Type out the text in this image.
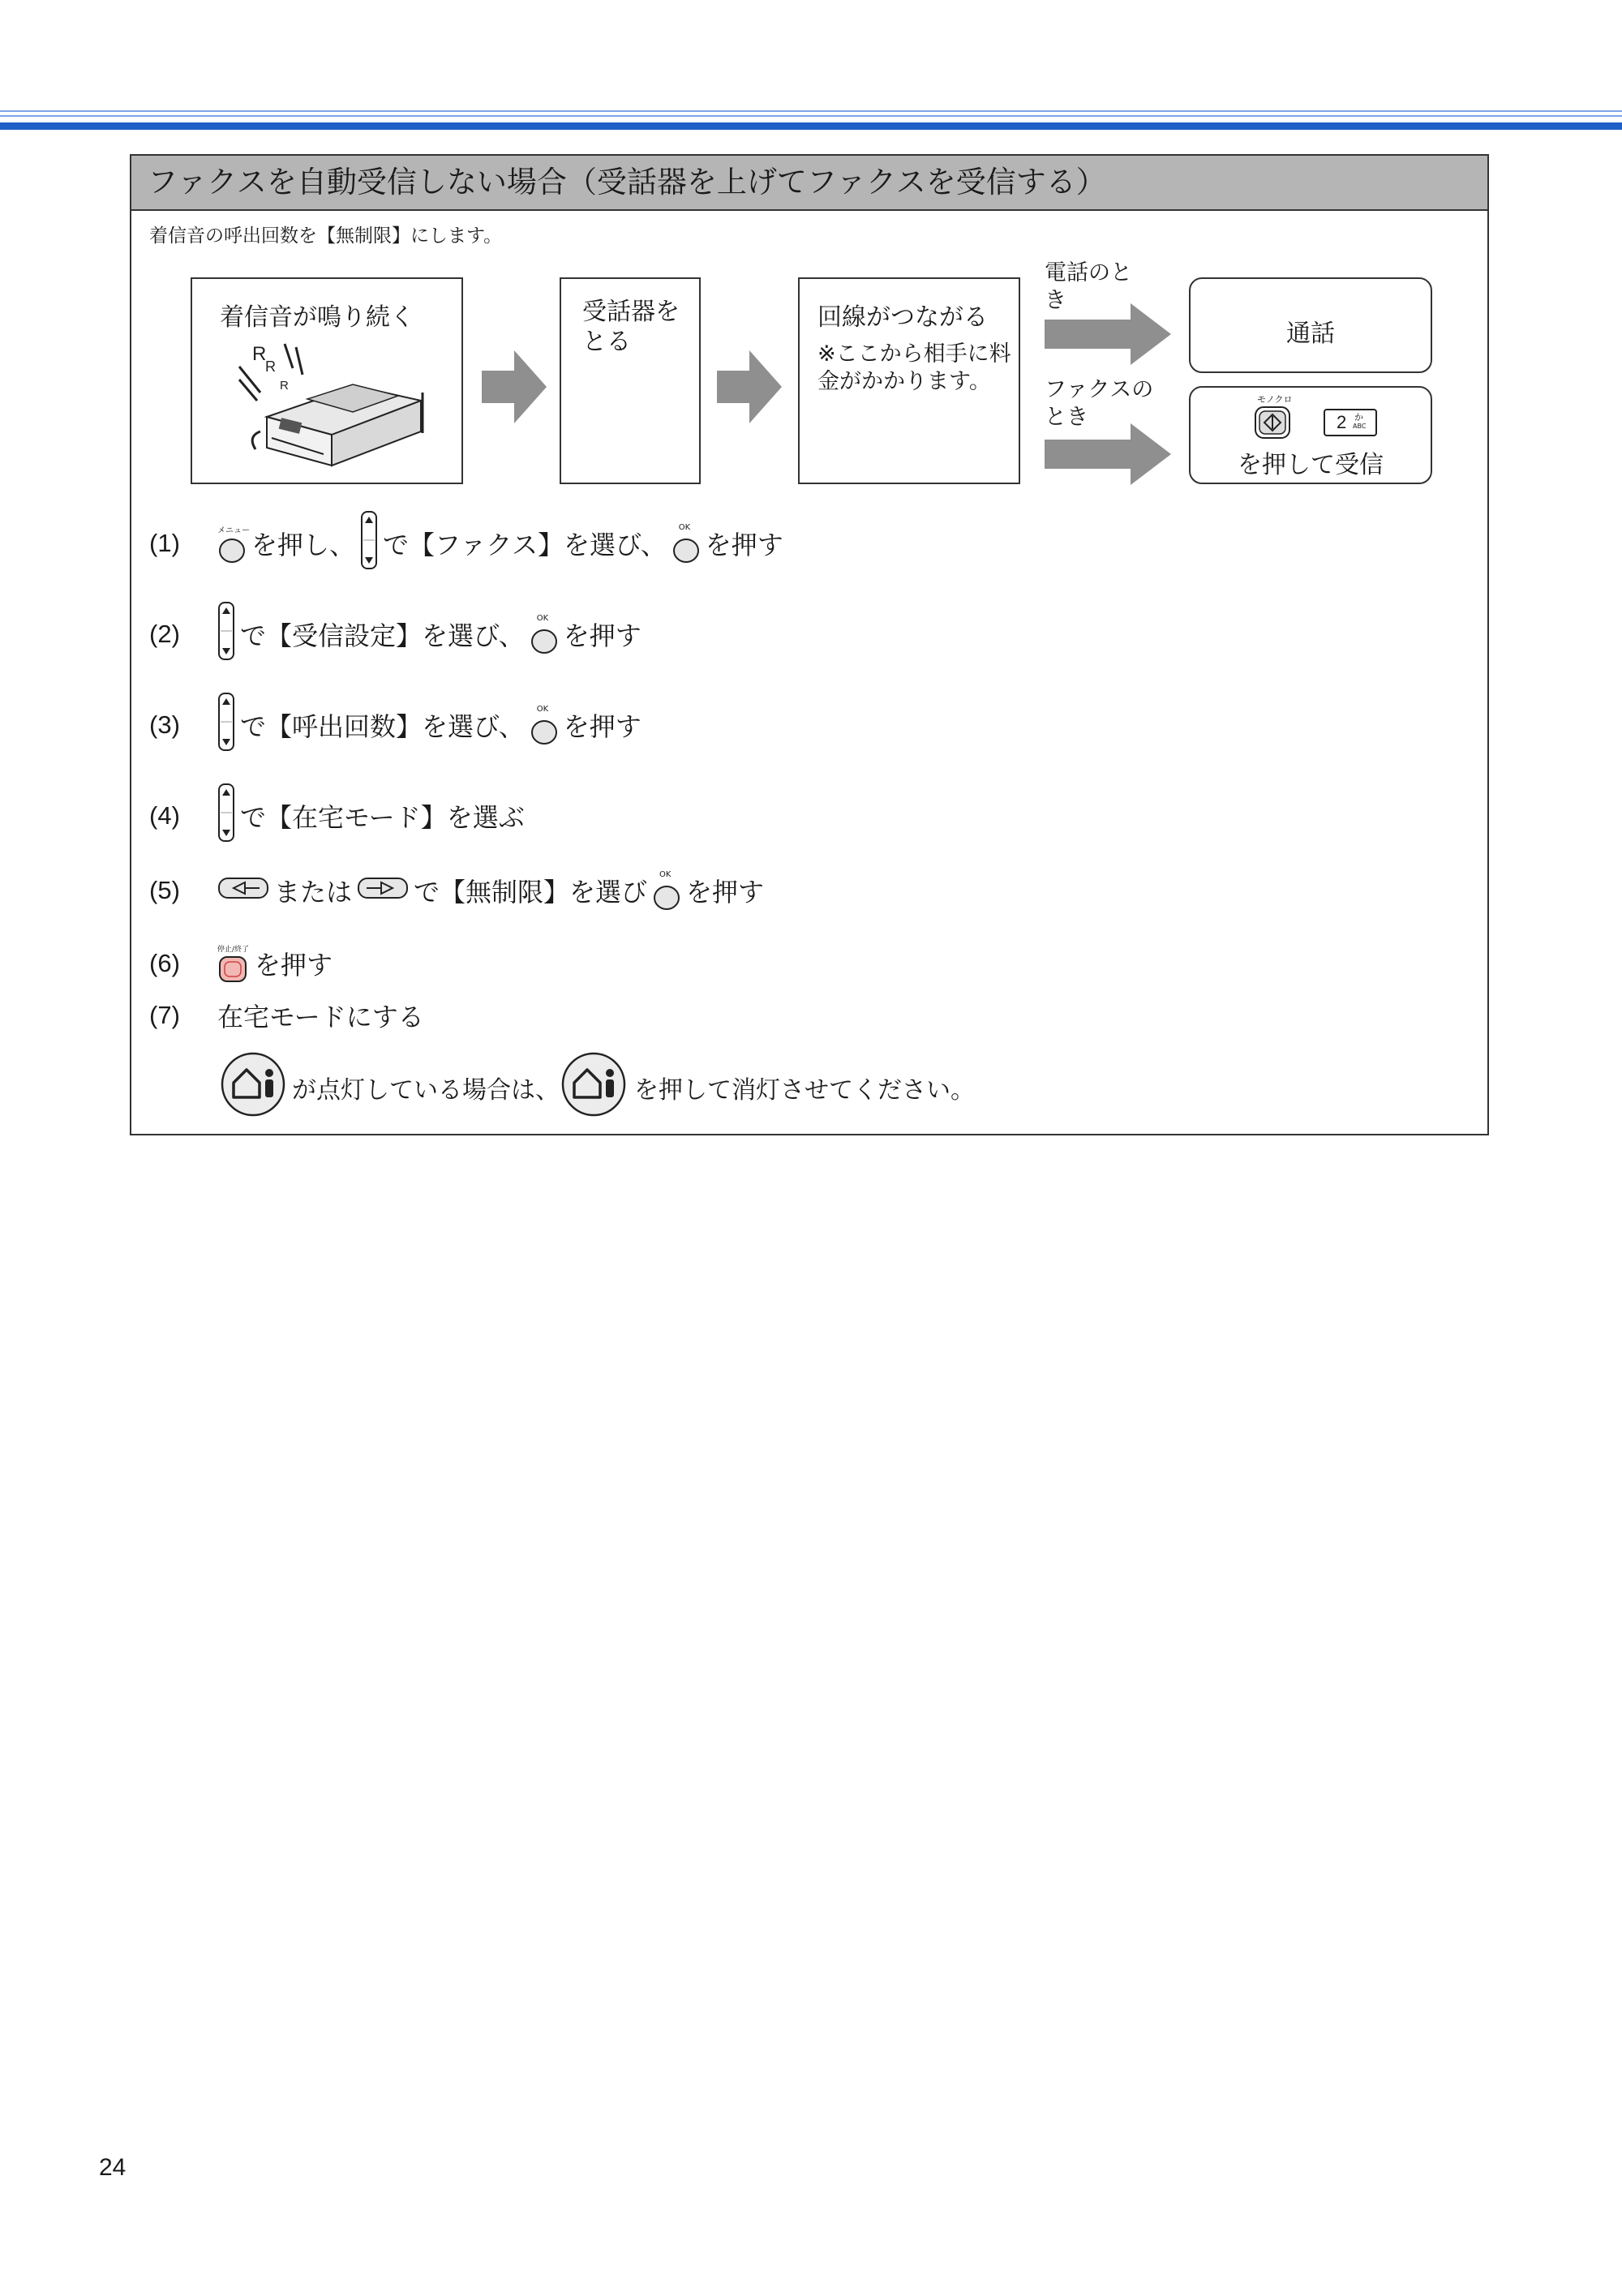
ファクスを自動受信しない場合（受話器を上げてファクスを受信する）
着信音の呼出回数を【無制限】にします。
着信音が鳴り続く
R
R
R
受話器をとる
回線がつながる
※ここから相手に料金がかかります。
電話のとき
ファクスのとき
通話
モノクロ
2 か
ABC
を押して受信
(1)	メニュー を押し、 で【ファクス】を選び、
OK
を押す
(2)	で【受信設定】を選び、
OK
を押す
(3)	で【呼出回数】を選び、
OK
を押す
(4)	で【在宅モード】を選ぶ
(5)	または で【無制限】を選び
OK
を押す
(6)	停止/終了 を押す
(7)	在宅モードにする
が点灯している場合は、	を押して消灯させてください。
24
